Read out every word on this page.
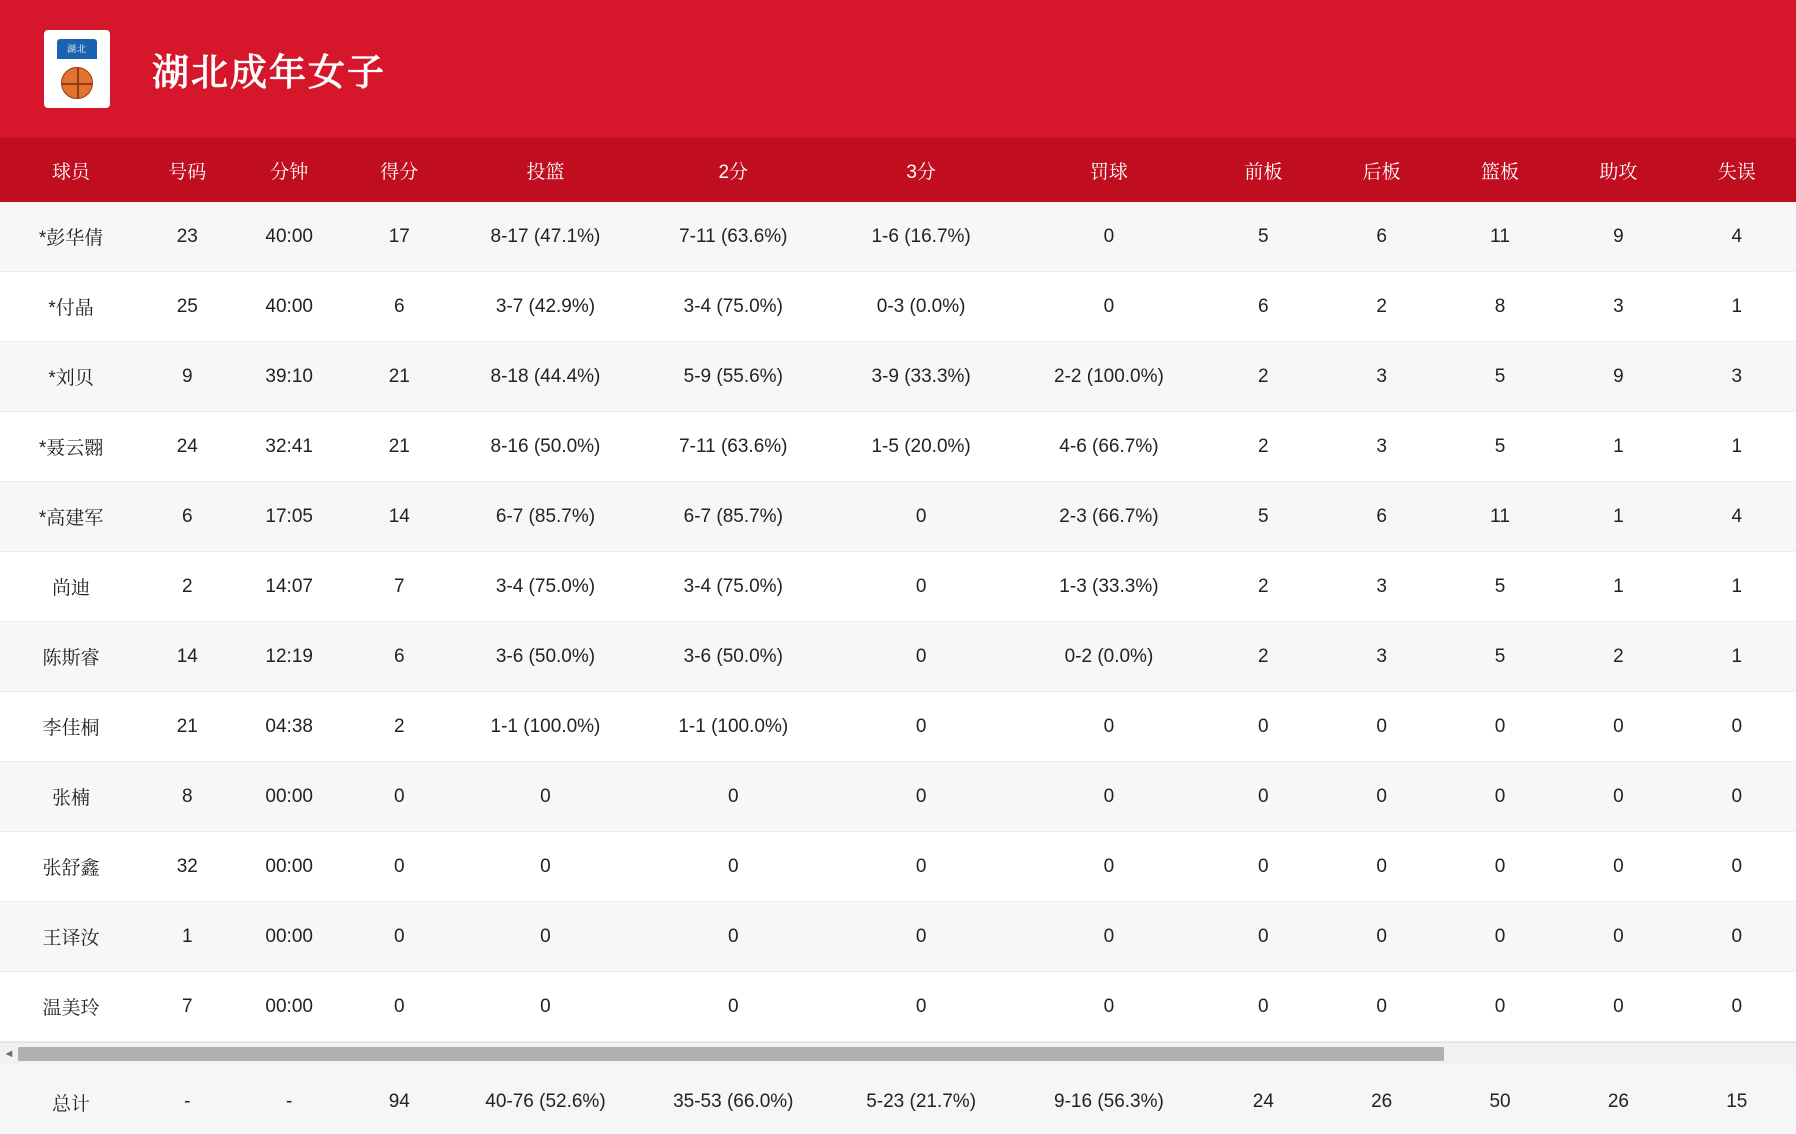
湖北
湖北成年女子
球员	号码	分钟	得分	投篮	2分	3分	罚球	前板	后板	篮板	助攻	失误
*彭华倩	23	40:00	17	8-17 (47.1%)	7-11 (63.6%)	1-6 (16.7%)	0	5	6	11	9	4
*付晶	25	40:00	6	3-7 (42.9%)	3-4 (75.0%)	0-3 (0.0%)	0	6	2	8	3	1
*刘贝	9	39:10	21	8-18 (44.4%)	5-9 (55.6%)	3-9 (33.3%)	2-2 (100.0%)	2	3	5	9	3
*聂云翾	24	32:41	21	8-16 (50.0%)	7-11 (63.6%)	1-5 (20.0%)	4-6 (66.7%)	2	3	5	1	1
*高建军	6	17:05	14	6-7 (85.7%)	6-7 (85.7%)	0	2-3 (66.7%)	5	6	11	1	4
尚迪	2	14:07	7	3-4 (75.0%)	3-4 (75.0%)	0	1-3 (33.3%)	2	3	5	1	1
陈斯睿	14	12:19	6	3-6 (50.0%)	3-6 (50.0%)	0	0-2 (0.0%)	2	3	5	2	1
李佳桐	21	04:38	2	1-1 (100.0%)	1-1 (100.0%)	0	0	0	0	0	0	0
张楠	8	00:00	0	0	0	0	0	0	0	0	0	0
张舒鑫	32	00:00	0	0	0	0	0	0	0	0	0	0
王译汝	1	00:00	0	0	0	0	0	0	0	0	0	0
温美玲	7	00:00	0	0	0	0	0	0	0	0	0	0
◄
总计	-	-	94	40-76 (52.6%)	35-53 (66.0%)	5-23 (21.7%)	9-16 (56.3%)	24	26	50	26	15
